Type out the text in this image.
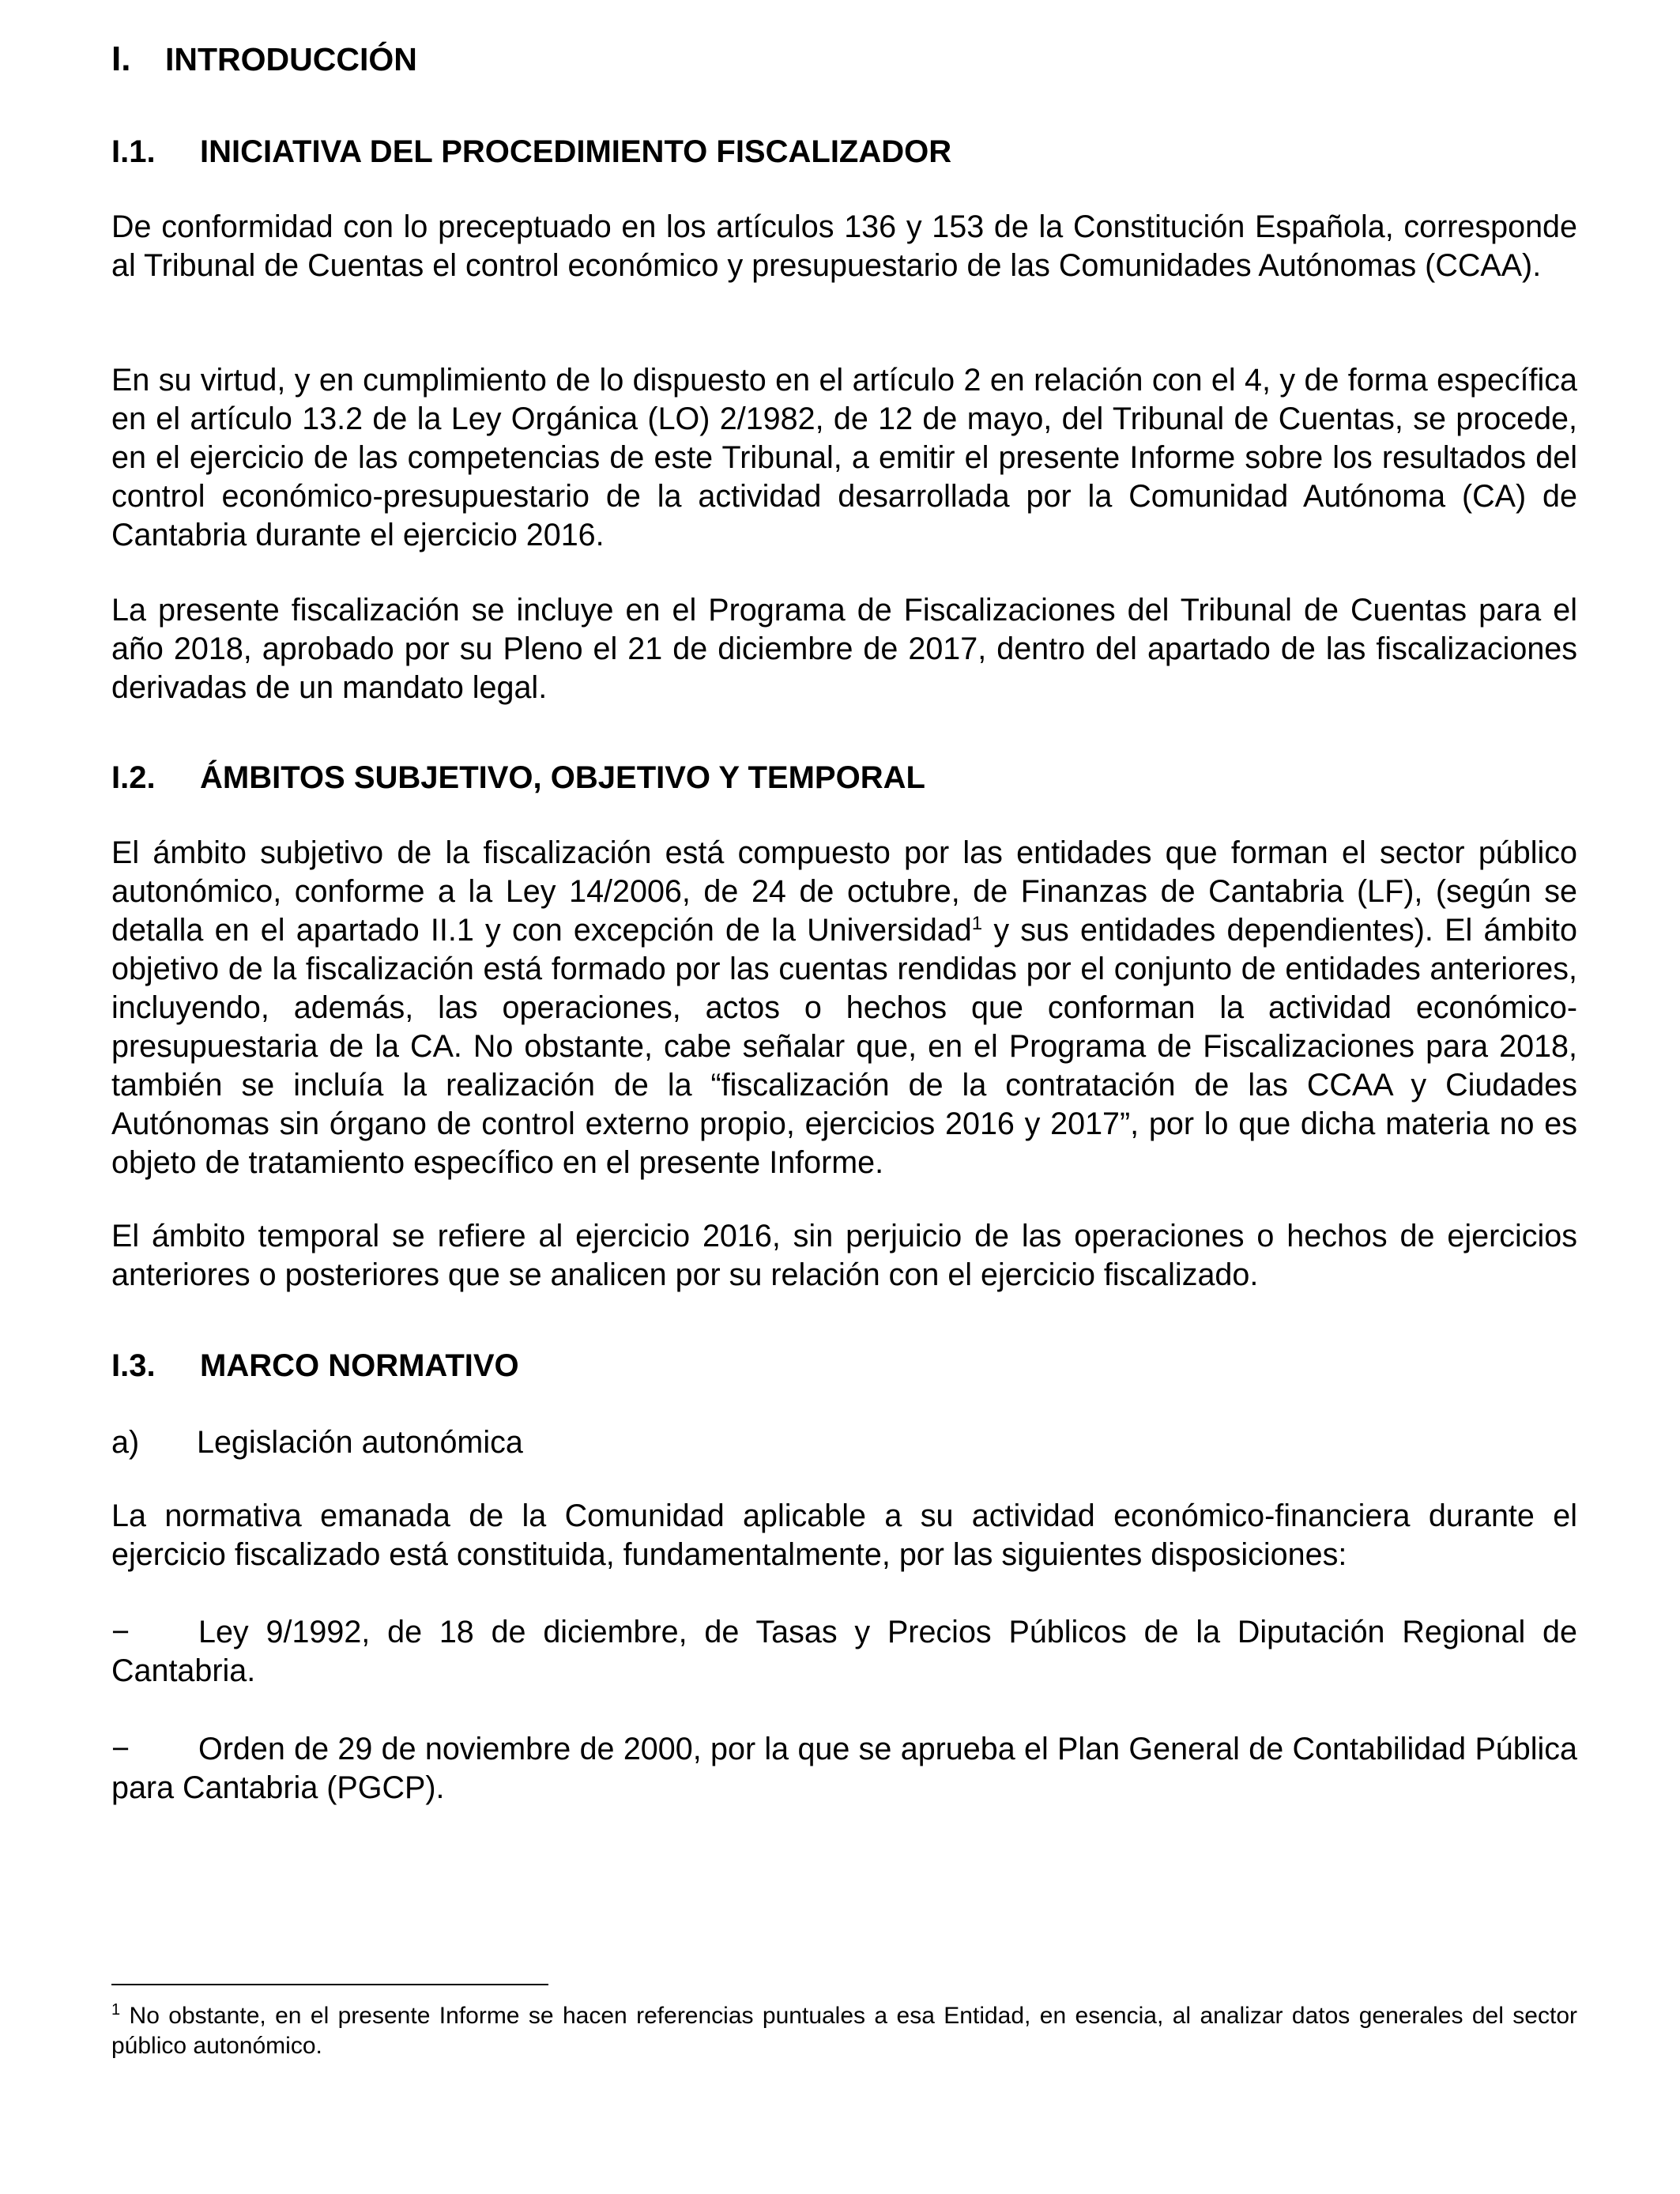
I. INTRODUCCIÓN
I.1. INICIATIVA DEL PROCEDIMIENTO FISCALIZADOR

De conformidad con lo preceptuado en los artículos 136 y 153 de la Constitución Española, corresponde al Tribunal de Cuentas el control económico y presupuestario de las Comunidades Autónomas (CCAA).

En su virtud, y en cumplimiento de lo dispuesto en el artículo 2 en relación con el 4, y de forma específica en el artículo 13.2 de la Ley Orgánica (LO) 2/1982, de 12 de mayo, del Tribunal de Cuentas, se procede, en el ejercicio de las competencias de este Tribunal, a emitir el presente Informe sobre los resultados del control económico-presupuestario de la actividad desarrollada por la Comunidad Autónoma (CA) de Cantabria durante el ejercicio 2016.

La presente fiscalización se incluye en el Programa de Fiscalizaciones del Tribunal de Cuentas para el año 2018, aprobado por su Pleno el 21 de diciembre de 2017, dentro del apartado de las fiscalizaciones derivadas de un mandato legal.

I.2. ÁMBITOS SUBJETIVO, OBJETIVO Y TEMPORAL

El ámbito subjetivo de la fiscalización está compuesto por las entidades que forman el sector público autonómico, conforme a la Ley 14/2006, de 24 de octubre, de Finanzas de Cantabria (LF), (según se detalla en el apartado II.1 y con excepción de la Universidad$^1$ y sus entidades dependientes). El ámbito objetivo de la fiscalización está formado por las cuentas rendidas por el conjunto de entidades anteriores, incluyendo, además, las operaciones, actos o hechos que conforman la actividad económico-presupuestaria de la CA. No obstante, cabe señalar que, en el Programa de Fiscalizaciones para 2018, también se incluía la realización de la “fiscalización de la contratación de las CCAA y Ciudades Autónomas sin órgano de control externo propio, ejercicios 2016 y 2017”, por lo que dicha materia no es objeto de tratamiento específico en el presente Informe.

El ámbito temporal se refiere al ejercicio 2016, sin perjuicio de las operaciones o hechos de ejercicios anteriores o posteriores que se analicen por su relación con el ejercicio fiscalizado.

I.3. MARCO NORMATIVO
a) Legislación autonómica

La normativa emanada de la Comunidad aplicable a su actividad económico-financiera durante el ejercicio fiscalizado está constituida, fundamentalmente, por las siguientes disposiciones:

− Ley 9/1992, de 18 de diciembre, de Tasas y Precios Públicos de la Diputación Regional de Cantabria.

− Orden de 29 de noviembre de 2000, por la que se aprueba el Plan General de Contabilidad Pública para Cantabria (PGCP).

$^1$ No obstante, en el presente Informe se hacen referencias puntuales a esa Entidad, en esencia, al analizar datos generales del sector público autonómico.
